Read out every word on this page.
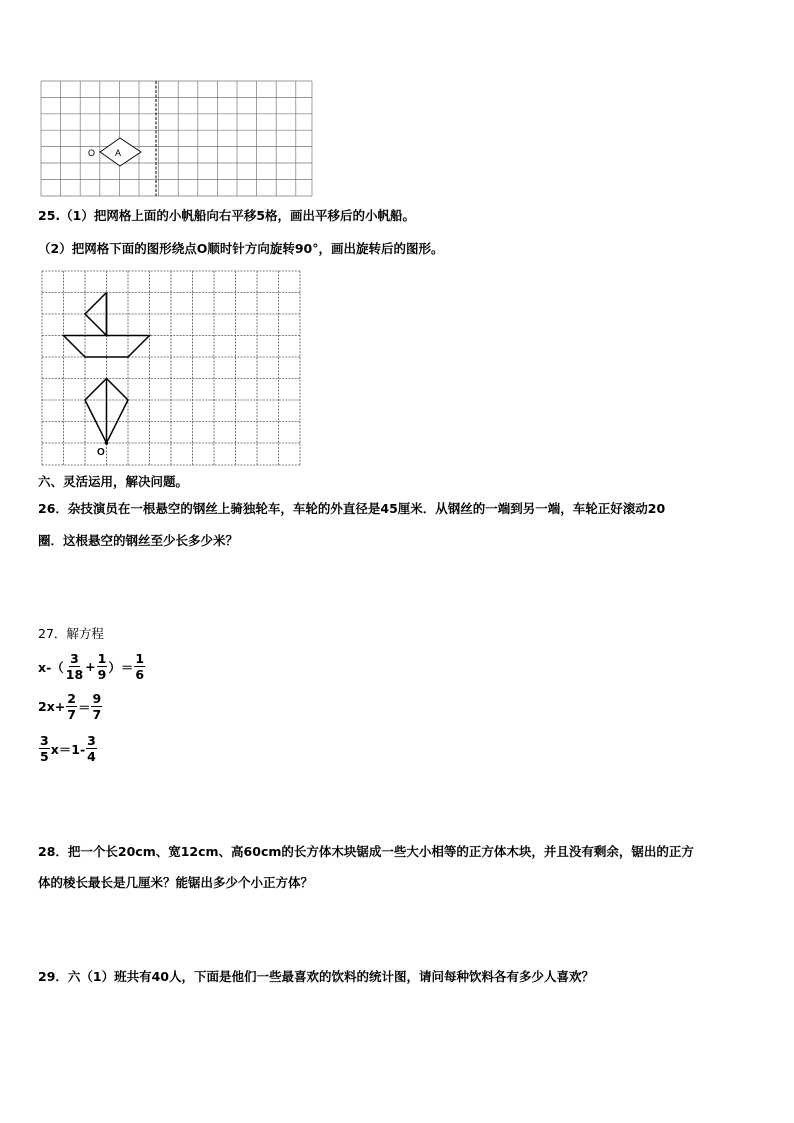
O A
25.（1）把网格上面的小帆船向右平移5格，画出平移后的小帆船。
（2）把网格下面的图形绕点O顺时针方向旋转90°，画出旋转后的图形。
O
六、灵活运用，解决问题。
26．杂技演员在一根悬空的钢丝上骑独轮车，车轮的外直径是45厘米．从钢丝的一端到另一端，车轮正好滚动20
圈．这根悬空的钢丝至少长多少米？
27．解方程
$x-( \frac{3}{18} + \frac{1}{9}$ ）＝ $\frac{1}{6}$
$2x+ \frac{2}{7} = \frac{9}{7}$
$\frac{3}{5} x=1- \frac{3}{4}$
28．把一个长20cm、宽12cm、高60cm的长方体木块锯成一些大小相等的正方体木块，并且没有剩余，锯出的正方
体的棱长最长是几厘米？能锯出多少个小正方体？
29．六（1）班共有40人，下面是他们一些最喜欢的饮料的统计图，请问每种饮料各有多少人喜欢？
